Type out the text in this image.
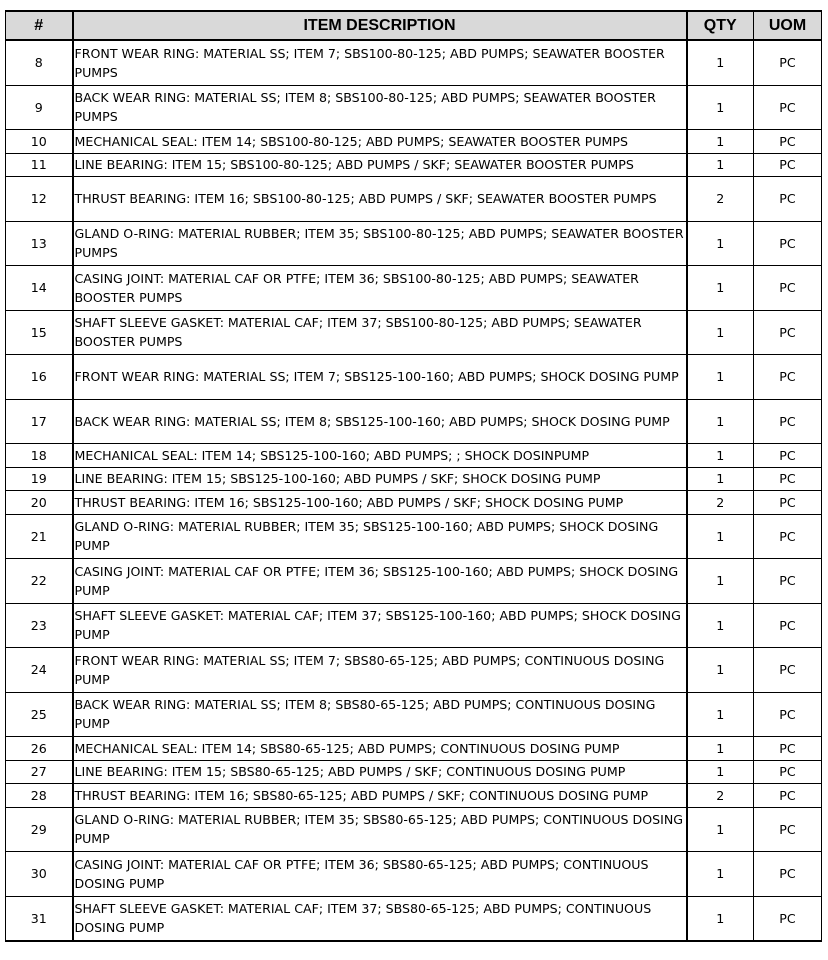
#	ITEM DESCRIPTION	QTY	UOM
8	FRONT WEAR RING: MATERIAL SS; ITEM 7; SBS100-80-125; ABD PUMPS; SEAWATER BOOSTER PUMPS	1	PC
9	BACK WEAR RING: MATERIAL SS; ITEM 8; SBS100-80-125; ABD PUMPS; SEAWATER BOOSTER PUMPS	1	PC
10	MECHANICAL SEAL: ITEM 14; SBS100-80-125; ABD PUMPS; SEAWATER BOOSTER PUMPS	1	PC
11	LINE BEARING: ITEM 15; SBS100-80-125; ABD PUMPS / SKF; SEAWATER BOOSTER PUMPS	1	PC
12	THRUST BEARING: ITEM 16; SBS100-80-125; ABD PUMPS / SKF; SEAWATER BOOSTER PUMPS	2	PC
13	GLAND O-RING: MATERIAL RUBBER; ITEM 35; SBS100-80-125; ABD PUMPS; SEAWATER BOOSTER PUMPS	1	PC
14	CASING JOINT: MATERIAL CAF OR PTFE; ITEM 36; SBS100-80-125; ABD PUMPS; SEAWATER BOOSTER PUMPS	1	PC
15	SHAFT SLEEVE GASKET: MATERIAL CAF; ITEM 37; SBS100-80-125; ABD PUMPS; SEAWATER BOOSTER PUMPS	1	PC
16	FRONT WEAR RING: MATERIAL SS; ITEM 7; SBS125-100-160; ABD PUMPS; SHOCK DOSING PUMP	1	PC
17	BACK WEAR RING: MATERIAL SS; ITEM 8; SBS125-100-160; ABD PUMPS; SHOCK DOSING PUMP	1	PC
18	MECHANICAL SEAL: ITEM 14; SBS125-100-160; ABD PUMPS; ; SHOCK DOSINPUMP	1	PC
19	LINE BEARING: ITEM 15; SBS125-100-160; ABD PUMPS / SKF; SHOCK DOSING PUMP	1	PC
20	THRUST BEARING: ITEM 16; SBS125-100-160; ABD PUMPS / SKF; SHOCK DOSING PUMP	2	PC
21	GLAND O-RING: MATERIAL RUBBER; ITEM 35; SBS125-100-160; ABD PUMPS; SHOCK DOSING PUMP	1	PC
22	CASING JOINT: MATERIAL CAF OR PTFE; ITEM 36; SBS125-100-160; ABD PUMPS; SHOCK DOSING PUMP	1	PC
23	SHAFT SLEEVE GASKET: MATERIAL CAF; ITEM 37; SBS125-100-160; ABD PUMPS; SHOCK DOSING PUMP	1	PC
24	FRONT WEAR RING: MATERIAL SS; ITEM 7; SBS80-65-125; ABD PUMPS; CONTINUOUS DOSING PUMP	1	PC
25	BACK WEAR RING: MATERIAL SS; ITEM 8; SBS80-65-125; ABD PUMPS; CONTINUOUS DOSING PUMP	1	PC
26	MECHANICAL SEAL: ITEM 14; SBS80-65-125; ABD PUMPS; CONTINUOUS DOSING PUMP	1	PC
27	LINE BEARING: ITEM 15; SBS80-65-125; ABD PUMPS / SKF; CONTINUOUS DOSING PUMP	1	PC
28	THRUST BEARING: ITEM 16; SBS80-65-125; ABD PUMPS / SKF; CONTINUOUS DOSING PUMP	2	PC
29	GLAND O-RING: MATERIAL RUBBER; ITEM 35; SBS80-65-125; ABD PUMPS; CONTINUOUS DOSING PUMP	1	PC
30	CASING JOINT: MATERIAL CAF OR PTFE; ITEM 36; SBS80-65-125; ABD PUMPS; CONTINUOUS DOSING PUMP	1	PC
31	SHAFT SLEEVE GASKET: MATERIAL CAF; ITEM 37; SBS80-65-125; ABD PUMPS; CONTINUOUS DOSING PUMP	1	PC
